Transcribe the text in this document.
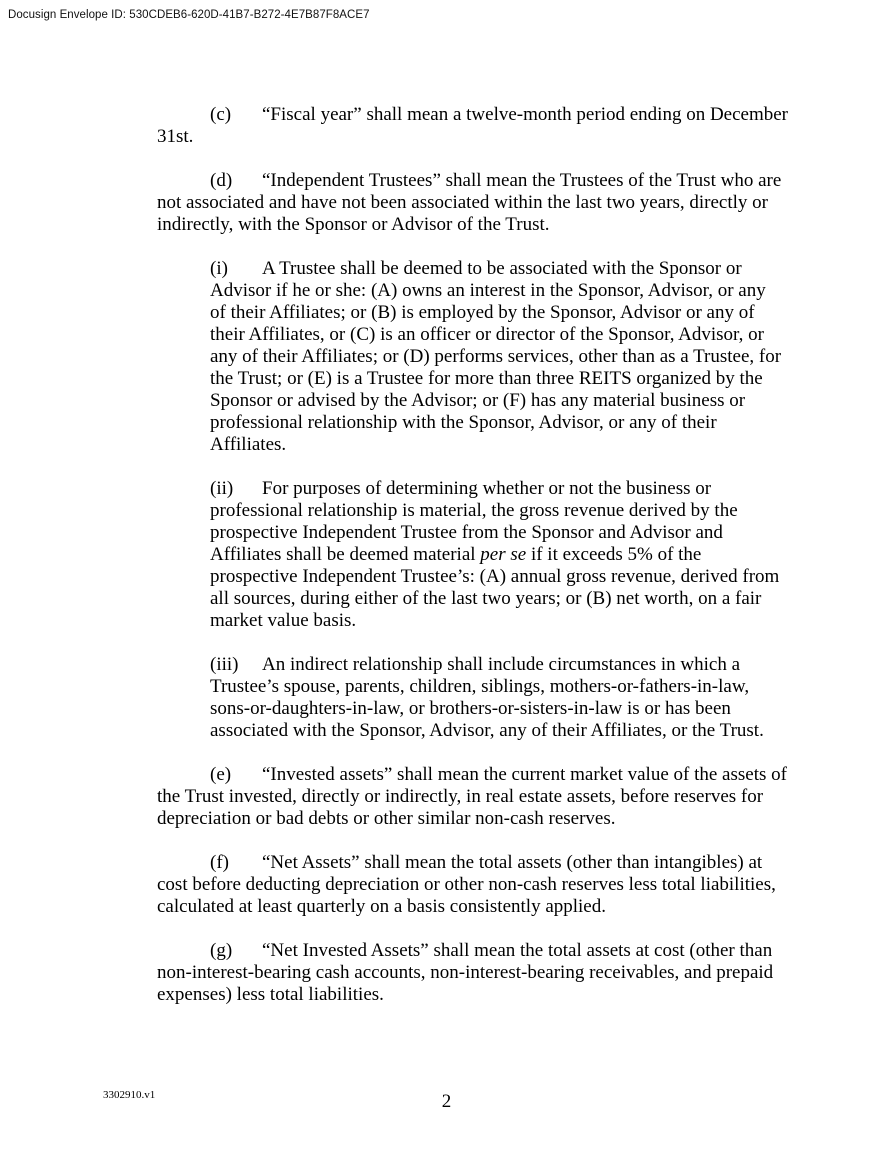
Docusign Envelope ID: 530CDEB6-620D-41B7-B272-4E7B87F8ACE7
(c) “Fiscal year” shall mean a twelve-month period ending on December
31st.
(d) “Independent Trustees” shall mean the Trustees of the Trust who are
not associated and have not been associated within the last two years, directly or
indirectly, with the Sponsor or Advisor of the Trust.
(i) A Trustee shall be deemed to be associated with the Sponsor or
Advisor if he or she: (A) owns an interest in the Sponsor, Advisor, or any
of their Affiliates; or (B) is employed by the Sponsor, Advisor or any of
their Affiliates, or (C) is an officer or director of the Sponsor, Advisor, or
any of their Affiliates; or (D) performs services, other than as a Trustee, for
the Trust; or (E) is a Trustee for more than three REITS organized by the
Sponsor or advised by the Advisor; or (F) has any material business or
professional relationship with the Sponsor, Advisor, or any of their
Affiliates.
(ii) For purposes of determining whether or not the business or
professional relationship is material, the gross revenue derived by the
prospective Independent Trustee from the Sponsor and Advisor and
Affiliates shall be deemed material per se if it exceeds 5% of the
prospective Independent Trustee’s: (A) annual gross revenue, derived from
all sources, during either of the last two years; or (B) net worth, on a fair
market value basis.
(iii) An indirect relationship shall include circumstances in which a
Trustee’s spouse, parents, children, siblings, mothers-or-fathers-in-law,
sons-or-daughters-in-law, or brothers-or-sisters-in-law is or has been
associated with the Sponsor, Advisor, any of their Affiliates, or the Trust.
(e) “Invested assets” shall mean the current market value of the assets of
the Trust invested, directly or indirectly, in real estate assets, before reserves for
depreciation or bad debts or other similar non-cash reserves.
(f) “Net Assets” shall mean the total assets (other than intangibles) at
cost before deducting depreciation or other non-cash reserves less total liabilities,
calculated at least quarterly on a basis consistently applied.
(g) “Net Invested Assets” shall mean the total assets at cost (other than
non-interest-bearing cash accounts, non-interest-bearing receivables, and prepaid
expenses) less total liabilities.
3302910.v1	2
